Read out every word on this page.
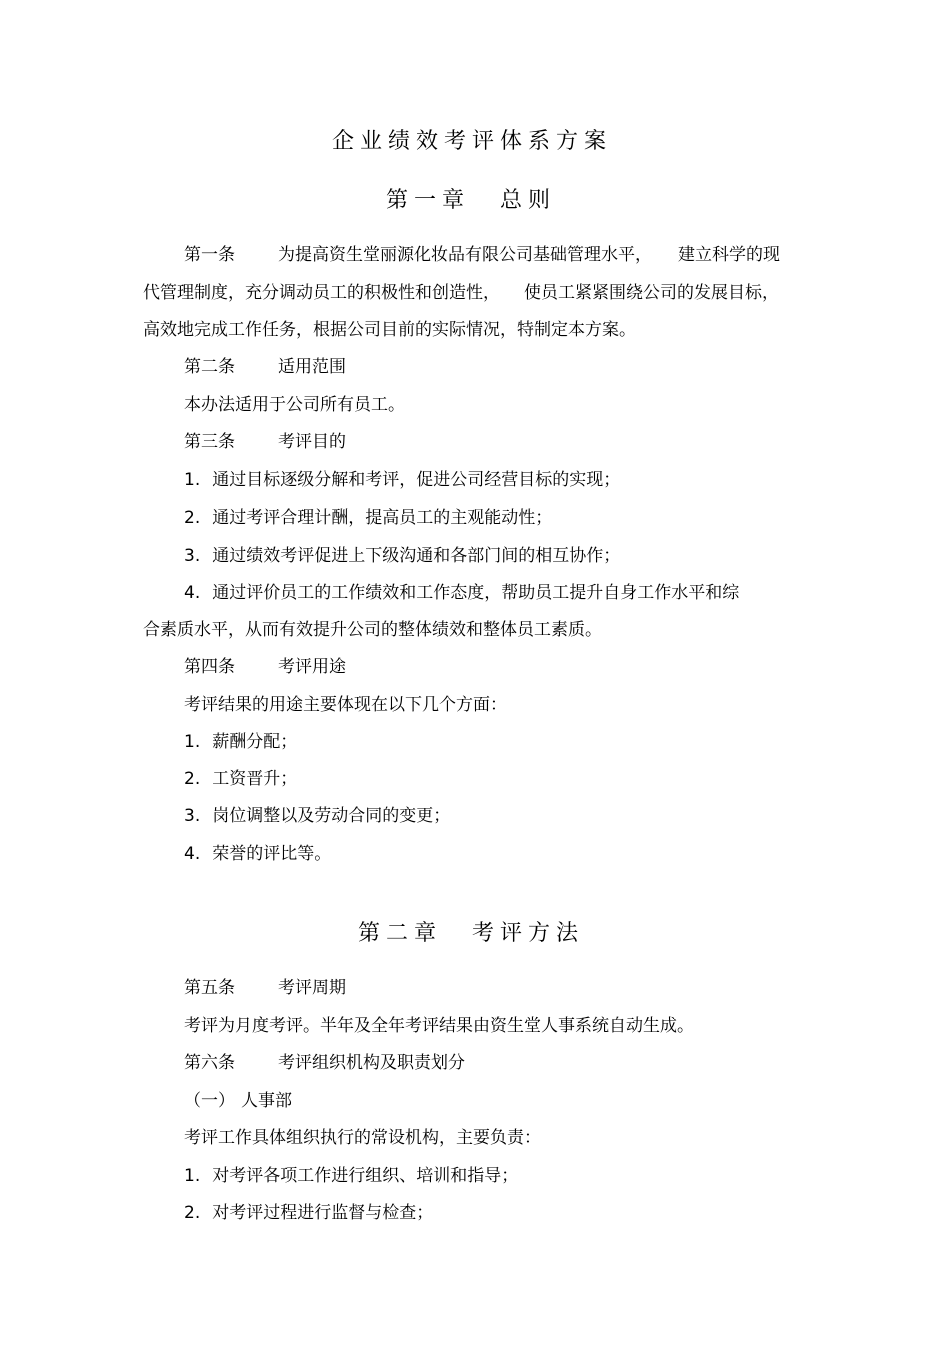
企业绩效考评体系方案
第一章 总则
第一条	为提高资生堂丽源化妆品有限公司基础管理水平， 建立科学的现
代管理制度，充分调动员工的积极性和创造性， 使员工紧紧围绕公司的发展目标，
高效地完成工作任务，根据公司目前的实际情况，特制定本方案。
第二条	适用范围
本办法适用于公司所有员工。
第三条	考评目的
1. 通过目标逐级分解和考评，促进公司经营目标的实现；
2. 通过考评合理计酬，提高员工的主观能动性；
3. 通过绩效考评促进上下级沟通和各部门间的相互协作；
4. 通过评价员工的工作绩效和工作态度，帮助员工提升自身工作水平和综
合素质水平，从而有效提升公司的整体绩效和整体员工素质。
第四条	考评用途
考评结果的用途主要体现在以下几个方面：
1. 薪酬分配；
2. 工资晋升；
3. 岗位调整以及劳动合同的变更；
4. 荣誉的评比等。
第二章 考评方法
第五条	考评周期
考评为月度考评。半年及全年考评结果由资生堂人事系统自动生成。
第六条	考评组织机构及职责划分
（一） 人事部
考评工作具体组织执行的常设机构，主要负责：
1. 对考评各项工作进行组织、培训和指导；
2. 对考评过程进行监督与检查；
